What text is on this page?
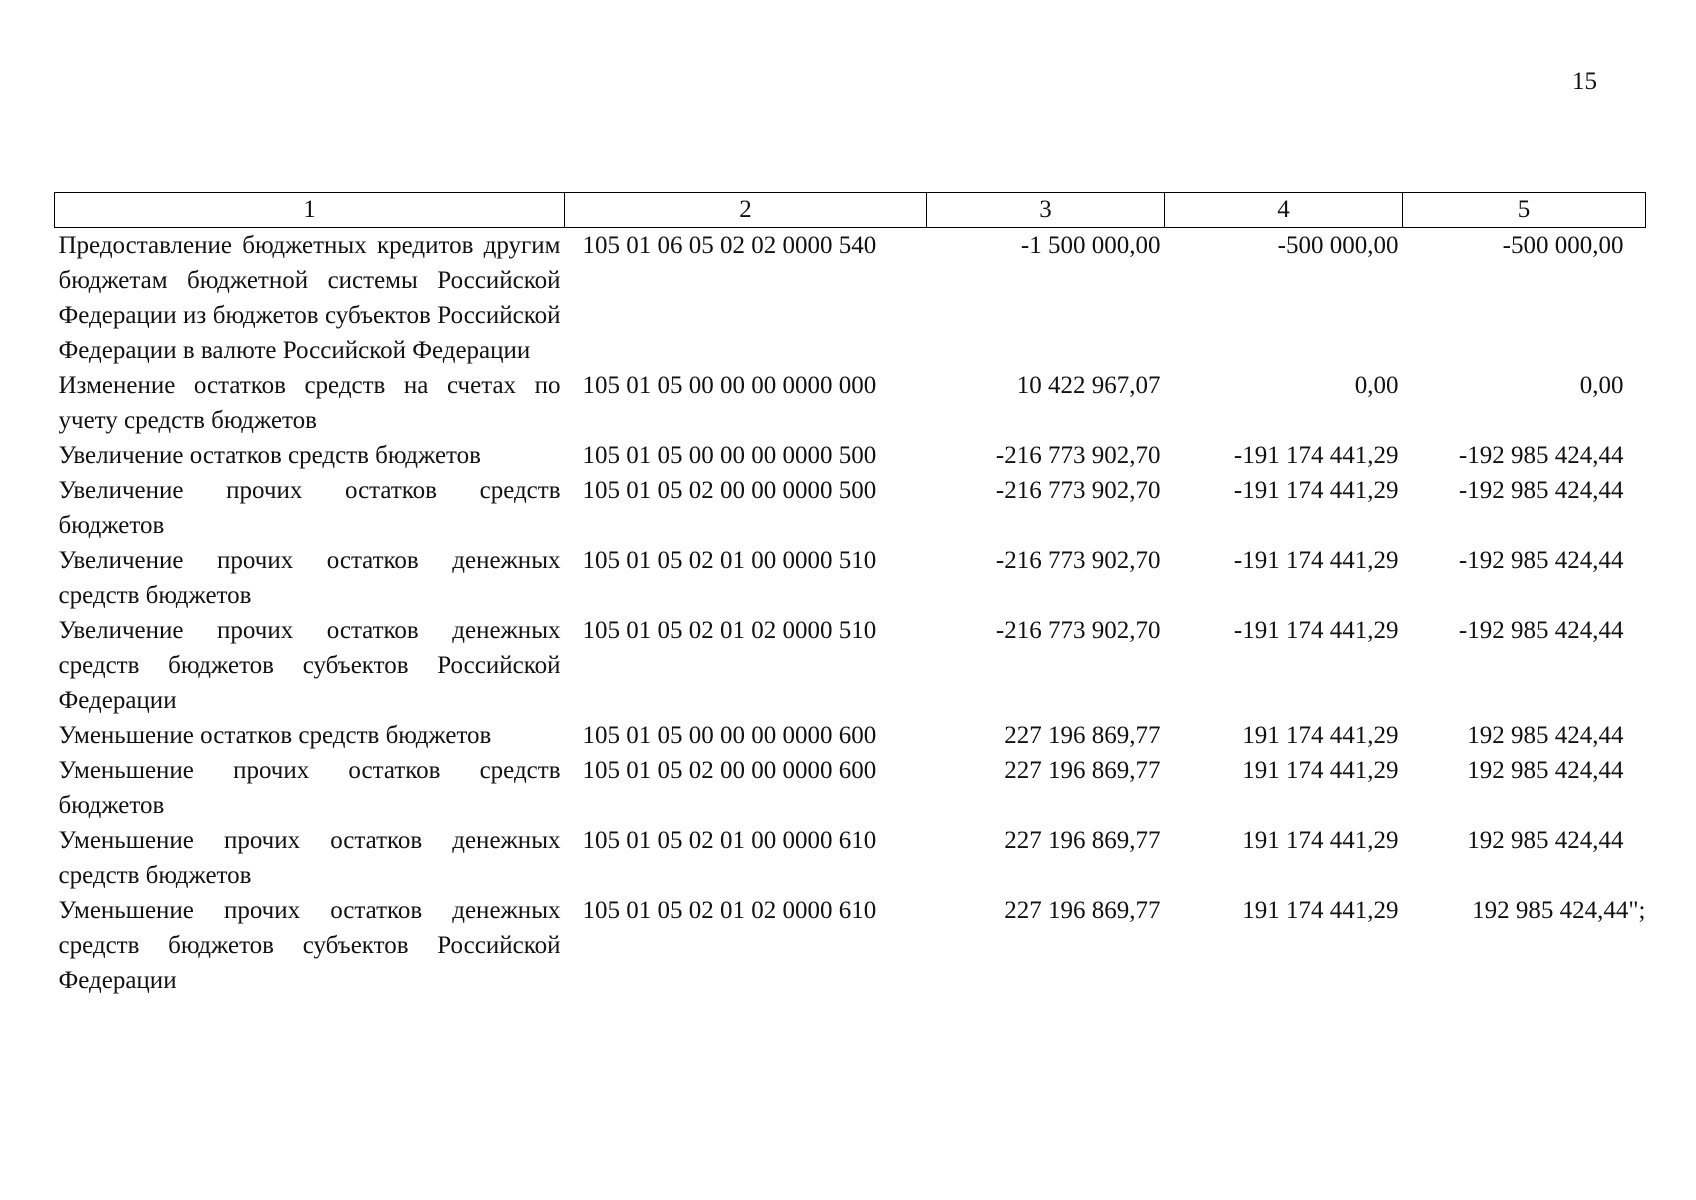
15
1	2	3	4	5
Предоставление бюджетных кредитов другим бюджетам бюджетной системы Российской Федерации из бюджетов субъектов Российской Федерации в валюте Российской Федерации	105 01 06 05 02 02 0000 540	-1 500 000,00	-500 000,00	-500 000,00
Изменение остатков средств на счетах по учету средств бюджетов	105 01 05 00 00 00 0000 000	10 422 967,07	0,00	0,00
Увеличение остатков средств бюджетов	105 01 05 00 00 00 0000 500	-216 773 902,70	-191 174 441,29	-192 985 424,44
Увеличение прочих остатков средств бюджетов	105 01 05 02 00 00 0000 500	-216 773 902,70	-191 174 441,29	-192 985 424,44
Увеличение прочих остатков денежных средств бюджетов	105 01 05 02 01 00 0000 510	-216 773 902,70	-191 174 441,29	-192 985 424,44
Увеличение прочих остатков денежных средств бюджетов субъектов Российской Федерации	105 01 05 02 01 02 0000 510	-216 773 902,70	-191 174 441,29	-192 985 424,44
Уменьшение остатков средств бюджетов	105 01 05 00 00 00 0000 600	227 196 869,77	191 174 441,29	192 985 424,44
Уменьшение прочих остатков средств бюджетов	105 01 05 02 00 00 0000 600	227 196 869,77	191 174 441,29	192 985 424,44
Уменьшение прочих остатков денежных средств бюджетов	105 01 05 02 01 00 0000 610	227 196 869,77	191 174 441,29	192 985 424,44
Уменьшение прочих остатков денежных средств бюджетов субъектов Российской Федерации	105 01 05 02 01 02 0000 610	227 196 869,77	191 174 441,29	192 985 424,44";
